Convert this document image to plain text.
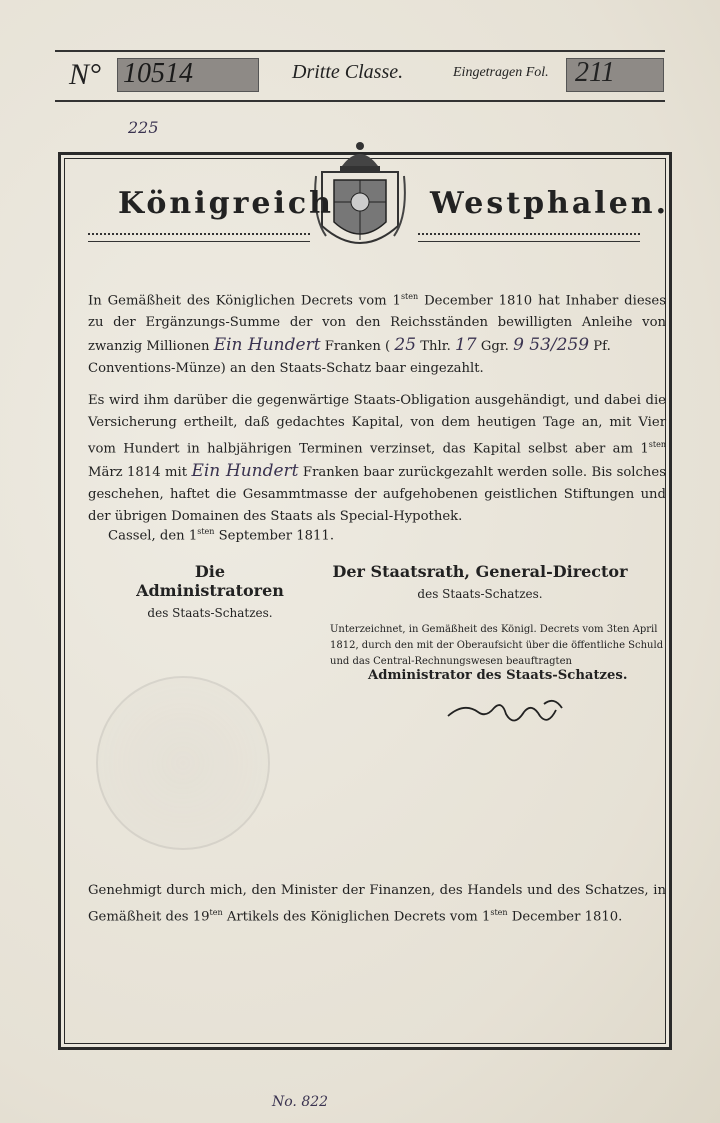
N° 10514	Dritte Classe.	Eingetragen Fol. 211
225
Königreich	Westphalen.
In Gemäßheit des Königlichen Decrets vom $1^{sten}$ December 1810 hat Inhaber dieses zu der Ergänzungs-Summe der von den Reichsständen bewilligten Anleihe von zwanzig Millionen Ein Hundert Franken ( 25 Thlr. 17 Ggr. 9 53/259 Pf.
Conventions-Münze) an den Staats-Schatz baar eingezahlt.
Es wird ihm darüber die gegenwärtige Staats-Obligation ausgehändigt, und dabei die Versicherung ertheilt, daß gedachtes Kapital, von dem heutigen Tage an, mit Vier vom Hundert in halbjährigen Terminen verzinset, das Kapital selbst aber am $1^{sten}$ März 1814 mit Ein Hundert Franken baar zurückgezahlt werden solle. Bis solches geschehen, haftet die Gesammtmasse der aufgehobenen geistlichen Stiftungen und der übrigen Domainen des Staats als Special-Hypothek.
Cassel, den $1^{sten}$ September 1811.
Die Administratoren
des Staats-Schatzes.
Der Staatsrath, General-Director
des Staats-Schatzes.
Unterzeichnet, in Gemäßheit des Königl. Decrets vom 3ten April 1812, durch den mit der Oberaufsicht über die öffentliche Schuld und das Central-Rechnungswesen beauftragten
Administrator des Staats-Schatzes.
Genehmigt durch mich, den Minister der Finanzen, des Handels und des Schatzes, in Gemäßheit des $19^{ten}$ Artikels des Königlichen Decrets vom $1^{sten}$ December 1810.
No. 822
